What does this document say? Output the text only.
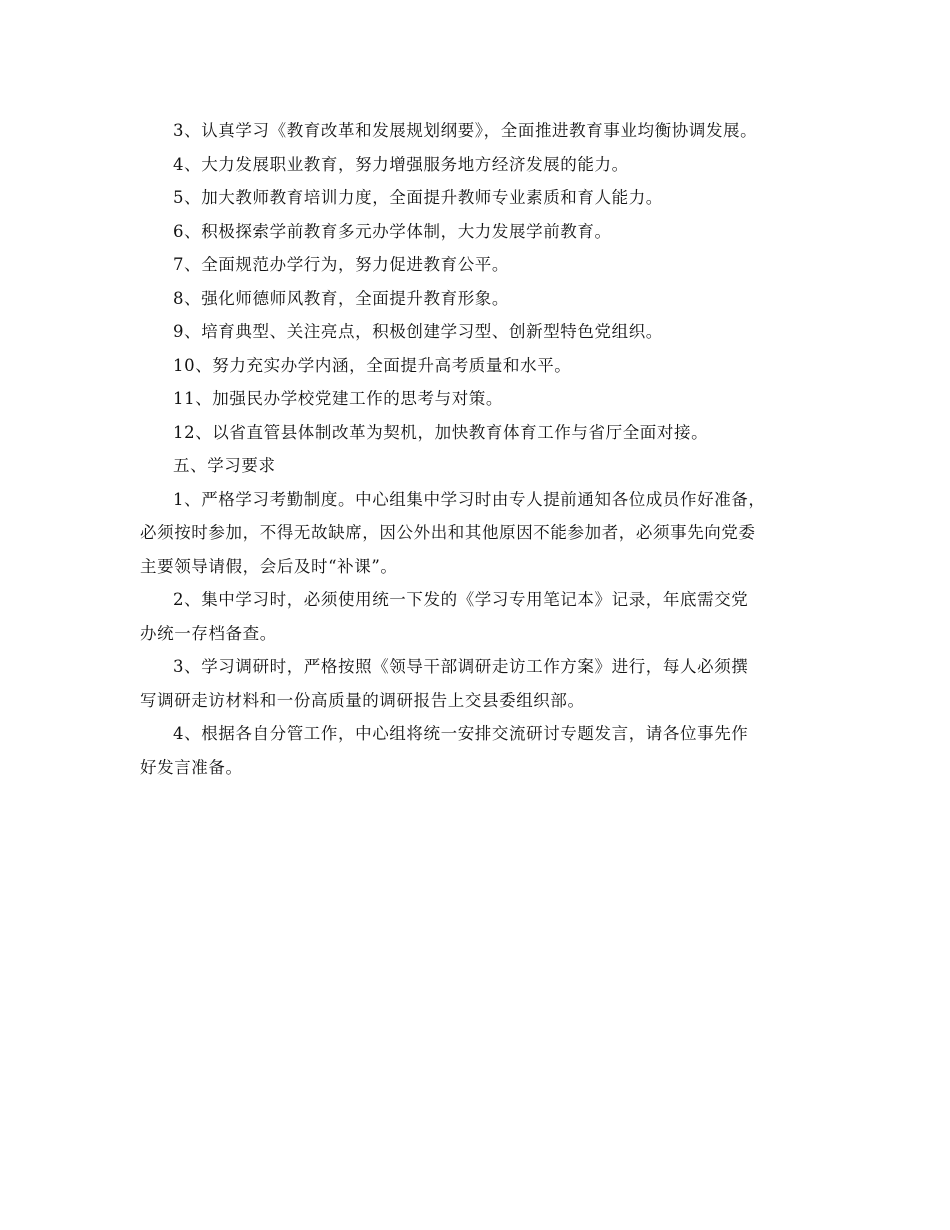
3、认真学习《教育改革和发展规划纲要》，全面推进教育事业均衡协调发展。
4、大力发展职业教育，努力增强服务地方经济发展的能力。
5、加大教师教育培训力度，全面提升教师专业素质和育人能力。
6、积极探索学前教育多元办学体制，大力发展学前教育。
7、全面规范办学行为，努力促进教育公平。
8、强化师德师风教育，全面提升教育形象。
9、培育典型、关注亮点，积极创建学习型、创新型特色党组织。
10、努力充实办学内涵，全面提升高考质量和水平。
11、加强民办学校党建工作的思考与对策。
12、以省直管县体制改革为契机，加快教育体育工作与省厅全面对接。
五、学习要求
1、严格学习考勤制度。中心组集中学习时由专人提前通知各位成员作好准备，
必须按时参加，不得无故缺席，因公外出和其他原因不能参加者，必须事先向党委
主要领导请假，会后及时“补课”。
2、集中学习时，必须使用统一下发的《学习专用笔记本》记录，年底需交党
办统一存档备查。
3、学习调研时，严格按照《领导干部调研走访工作方案》进行，每人必须撰
写调研走访材料和一份高质量的调研报告上交县委组织部。
4、根据各自分管工作，中心组将统一安排交流研讨专题发言，请各位事先作
好发言准备。
